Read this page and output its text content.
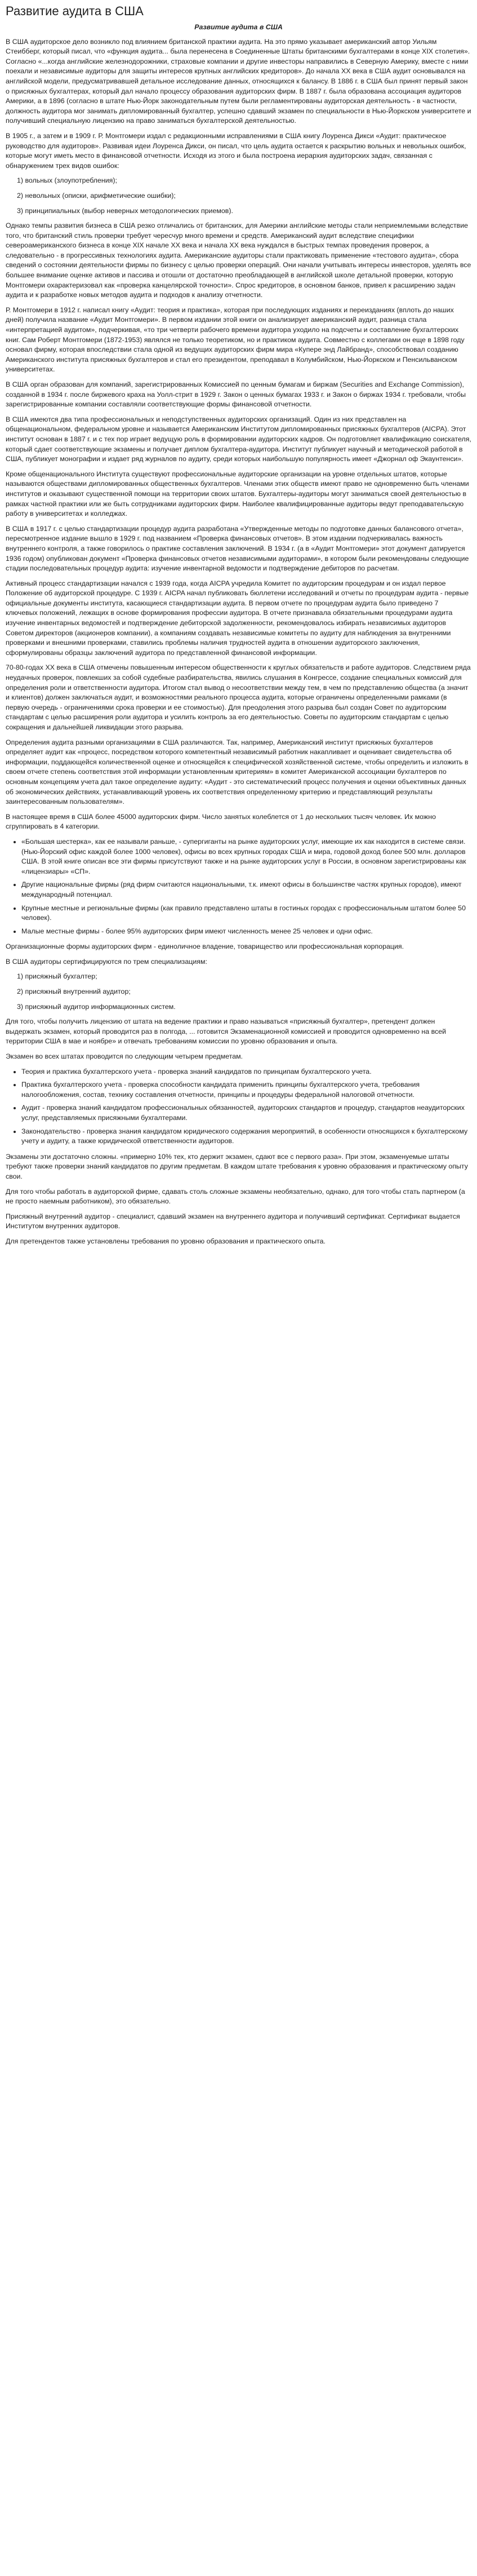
Развитие аудита в США
Развитие аудита в США

В США аудиторское дело возникло под влиянием британской практики аудита. На это прямо указывает американский автор Уильям Стеибберг, который писал, что «функция аудита... была перенесена в Соединенные Штаты британскими бухгалтерами в конце XIX столетия». Согласно «...когда английские железнодорожники, страховые компании и другие инвесторы направились в Северную Америку, вместе с ними поехали и независимые аудиторы для защиты интересов крупных английских кредиторов». До начала XX века в США аудит основывался на английской модели, предусматривавшей детальное исследование данных, относящихся к балансу. В 1886 г. в США был принят первый закон о присяжных бухгалтерах, который дал начало процессу образования аудиторских фирм. В 1887 г. была образована ассоциация аудиторов Америки, а в 1896 (согласно в штате Нью-Йорк законодательным путем были регламентированы аудиторская деятельность - в частности, должность аудитора мог занимать дипломированный бухгалтер, успешно сдавший экзамен по специальности в Нью-Йоркском университете и получивший специальную лицензию на право заниматься бухгалтерской деятельностью.

В 1905 г., а затем и в 1909 г. Р. Монтгомери издал с редакционными исправлениями в США книгу Лоуренса Дикси «Аудит: практическое руководство для аудиторов». Развивая идеи Лоуренса Дикси, он писал, что цель аудита остается к раскрытию вольных и невольных ошибок, которые могут иметь место в финансовой отчетности. Исходя из этого и была построена иерархия аудиторских задач, связанная с обнаружением трех видов ошибок:

1) вольных (злоупотребления);

2) невольных (описки, арифметические ошибки);

3) принципиальных (выбор неверных методологических приемов).

Однако темпы развития бизнеса в США резко отличались от британских, для Америки английские методы стали неприемлемыми вследствие того, что британский стиль проверки требует чересчур много времени и средств. Американский аудит вследствие специфики североамериканского бизнеса в конце XIX начале XX века и начала XX века нуждался в быстрых темпах проведения проверок, а следовательно - в прогрессивных технологиях аудита. Американские аудиторы стали практиковать применение «тестового аудита», сбора сведений о состоянии деятельности фирмы по бизнесу с целью проверки операций. Они начали учитывать интересы инвесторов, уделять все большее внимание оценке активов и пассива и отошли от достаточно преобладающей в английской школе детальной проверки, которую Монтгомери охарактеризовал как «проверка канцелярской точности». Спрос кредиторов, в основном банков, привел к расширению задач аудита и к разработке новых методов аудита и подходов к анализу отчетности.

Р. Монтгомери в 1912 г. написал книгу «Аудит: теория и практика», которая при последующих изданиях и переизданиях (вплоть до наших дней) получила название «Аудит Монтгомери». В первом издании этой книги он анализирует американский аудит, разница стала «интерпретацией аудитом», подчеркивая, «то три четверти рабочего времени аудитора уходило на подсчеты и составление бухгалтерских книг. Сам Роберт Монтгомери (1872-1953) являлся не только теоретиком, но и практиком аудита. Совместно с коллегами он еще в 1898 году основал фирму, которая впоследствии стала одной из ведущих аудиторских фирм мира «Купере энд Лайбранд», способствовал созданию Американского института присяжных бухгалтеров и стал его президентом, преподавал в Колумбийском, Нью-Йоркском и Пенсильванском университетах.

В США орган образован для компаний, зарегистрированных Комиссией по ценным бумагам и биржам (Securities and Exchange Commission), созданной в 1934 г. после биржевого краха на Уолл-стрит в 1929 г. Закон о ценных бумагах 1933 г. и Закон о биржах 1934 г. требовали, чтобы зарегистрированные компании составляли соответствующие формы финансовой отчетности.

В США имеются два типа профессиональных и неподступственных аудиторских организаций. Один из них представлен на общенациональном, федеральном уровне и называется Американским Институтом дипломированных присяжных бухгалтеров (AICPA). Этот институт основан в 1887 г. и с тех пор играет ведущую роль в формировании аудиторских кадров. Он подготовляет квалификацию соискателя, который сдает соответствующие экзамены и получает диплом бухгалтера-аудитора. Институт публикует научный и методической работой в США, публикует монографии и издает ряд журналов по аудиту, среди которых наибольшую популярность имеет «Джорнал оф Экаунтенси».

Кроме общенационального Института существуют профессиональные аудиторские организации на уровне отдельных штатов, которые называются обществами дипломированных общественных бухгалтеров. Членами этих обществ имеют право не одновременно быть членами институтов и оказывают существенной помощи на территории своих штатов. Бухгалтеры-аудиторы могут заниматься своей деятельностью в рамках частной практики или же быть сотрудниками аудиторских фирм. Наиболее квалифицированные аудиторы ведут преподавательскую работу в университетах и колледжах.

В США в 1917 г. с целью стандартизации процедур аудита разработана «Утвержденные методы по подготовке данных балансового отчета», пересмотренное издание вышло в 1929 г. под названием «Проверка финансовых отчетов». В этом издании подчеркивалась важность внутреннего контроля, а также говорилось о практике составления заключений. В 1934 г. (а в «Аудит Монтгомери» этот документ датируется 1936 годом) опубликован документ «Проверка финансовых отчетов независимыми аудиторами», в котором были рекомендованы следующие стадии последовательных процедур аудита: изучение инвентарной ведомости и подтверждение дебиторов по расчетам.

Активный процесс стандартизации начался с 1939 года, когда AICPA учредила Комитет по аудиторским процедурам и он издал первое Положение об аудиторской процедуре. С 1939 г. AICPA начал публиковать бюллетени исследований и отчеты по процедурам аудита - первые официальные документы института, касающиеся стандартизации аудита. В первом отчете по процедурам аудита было приведено 7 ключевых положений, лежащих в основе формирования профессии аудитора. В отчете признавала обязательными процедурами аудита изучение инвентарных ведомостей и подтверждение дебиторской задолженности, рекомендовалось избирать независимых аудиторов Советом директоров (акционеров компании), а компаниям создавать независимые комитеты по аудиту для наблюдения за внутренними проверками и внешними проверками, ставились проблемы наличия трудностей аудита в отношении аудиторского заключения, сформулированы образцы заключений аудитора по представленной финансовой информации.

70-80-годах XX века в США отмечены повышенным интересом общественности к круглых обязательств и работе аудиторов. Следствием ряда неудачных проверок, повлекших за собой судебные разбирательства, явились слушания в Конгрессе, создание специальных комиссий для определения роли и ответственности аудитора. Итогом стал вывод о несоответствии между тем, в чем по представлению общества (а значит и клиентов) должен заключаться аудит, и возможностями реального процесса аудита, которые ограничены определенными рамками (в первую очередь - ограничениями срока проверки и ее стоимостью). Для преодоления этого разрыва был создан Совет по аудиторским стандартам с целью расширения роли аудитора и усилить контроль за его деятельностью. Советы по аудиторским стандартам с целью сокращения и дальнейшей ликвидации этого разрыва.

Определения аудита разными организациями в США различаются. Так, например, Американский институт присяжных бухгалтеров определяет аудит как «процесс, посредством которого компетентный независимый работник накапливает и оценивает свидетельства об информации, поддающейся количественной оценке и относящейся к специфической хозяйственной системе, чтобы определить и изложить в своем отчете степень соответствия этой информации установленным критериям» в комитет Американской ассоциации бухгалтеров по основным концепциям учета дал такое определение аудиту: «Аудит - это систематический процесс получения и оценки объективных данных об экономических действиях, устанавливающий уровень их соответствия определенному критерию и представляющий результаты заинтересованным пользователям».

В настоящее время в США более 45000 аудиторских фирм. Число занятых колеблется от 1 до нескольких тысяч человек. Их можно сгруппировать в 4 категории.

• «Большая шестерка», как ее называли раньше, - супергиганты на рынке аудиторских услуг, имеющие их как находится в системе связи. (Нью-Йорский офис каждой более 1000 человек), офисы во всех крупных городах США и мира, годовой доход более 500 млн. долларов США. В этой книге описан все эти фирмы присутствуют также и на рынке аудиторских услуг в России, в основном зарегистрированы как «лицензиары» «СП».
• Другие национальные фирмы (ряд фирм считаются национальными, т.к. имеют офисы в большинстве частях крупных городов), имеют международный потенциал.
• Крупные местные и региональные фирмы (как правило представлено штаты в гостиных городах с профессиональным штатом более 50 человек).
• Малые местные фирмы - более 95% аудиторских фирм имеют численность менее 25 человек и одни офис.

Организационные формы аудиторских фирм - единоличное владение, товарищество или профессиональная корпорация.

В США аудиторы сертифицируются по трем специализациям:

1) присяжный бухгалтер;

2) присяжный внутренний аудитор;

3) присяжный аудитор информационных систем.

Для того, чтобы получить лицензию от штата на ведение практики и право называться «присяжный бухгалтер», претендент должен выдержать экзамен, который проводится раз в полгода, ... готовится Экзаменационной комиссией и проводится одновременно на всей территории США в мае и ноябре» и отвечать требованиям комиссии по уровню образования и опыта.

Экзамен во всех штатах проводится по следующим четырем предметам.

• Теория и практика бухгалтерского учета - проверка знаний кандидатов по принципам бухгалтерского учета.
• Практика бухгалтерского учета - проверка способности кандидата применить принципы бухгалтерского учета, требования налогообложения, состав, технику составления отчетности, принципы и процедуры федеральной налоговой отчетности.
• Аудит - проверка знаний кандидатом профессиональных обязанностей, аудиторских стандартов и процедур, стандартов неаудиторских услуг, представляемых присяжными бухгалтерами.
• Законодательство - проверка знания кандидатом юридического содержания мероприятий, в особенности относящихся к бухгалтерскому учету и аудиту, а также юридической ответственности аудиторов.

Экзамены эти достаточно сложны. «примерно 10% тех, кто держит экзамен, сдают все с первого раза». При этом, экзаменуемые штаты требуют также проверки знаний кандидатов по другим предметам. В каждом штате требования к уровню образования и практическому опыту свои.

Для того чтобы работать в аудиторской фирме, сдавать столь сложные экзамены необязательно, однако, для того чтобы стать партнером (а не просто наемным работником), это обязательно.

Присяжный внутренний аудитор - специалист, сдавший экзамен на внутреннего аудитора и получивший сертификат. Сертификат выдается Институтом внутренних аудиторов.

Для претендентов также установлены требования по уровню образования и практического опыта.
